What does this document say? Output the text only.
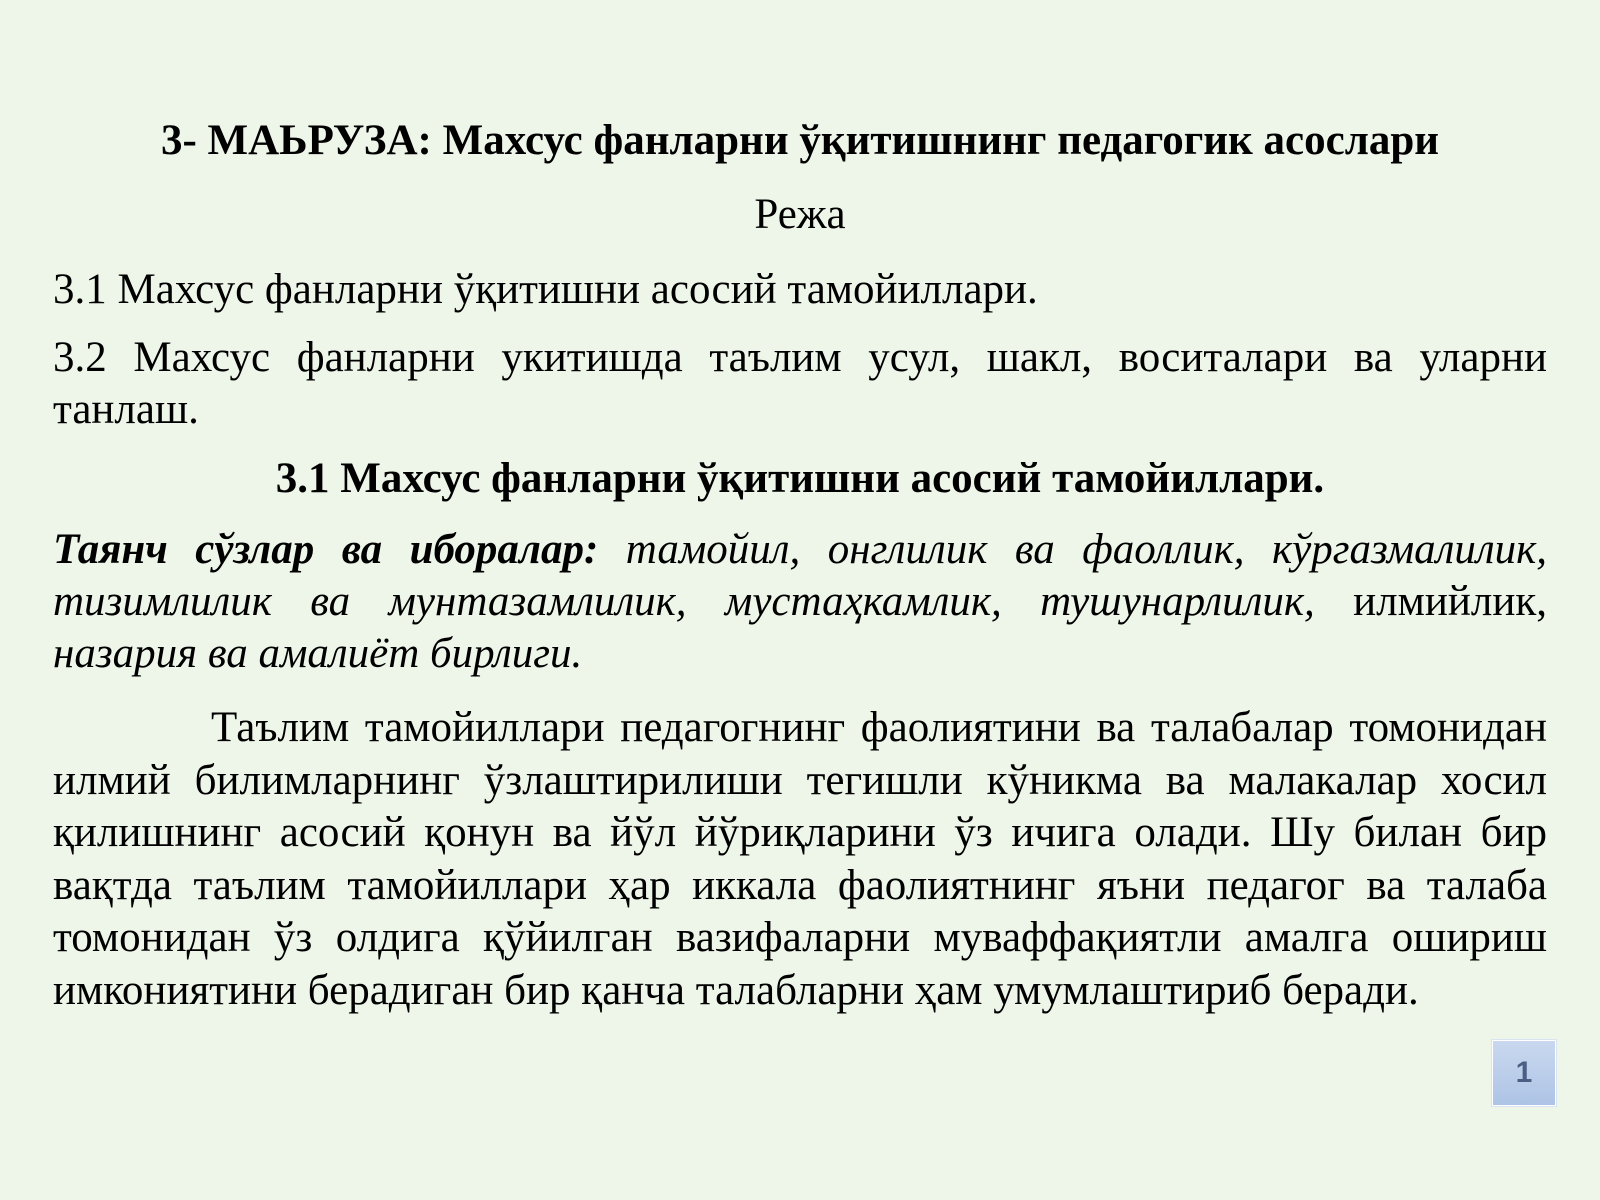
3- МАЬРУЗА: Махсус фанларни ўқитишнинг педагогик асослари

Режа

3.1 Махсус фанларни ўқитишни асосий тамойиллари.

3.2 Махсус фанларни укитишда таълим усул, шакл, воситалари ва уларни танлаш.

3.1 Махсус фанларни ўқитишни асосий тамойиллари.

Таянч сўзлар ва иборалар: тамойил, онглилик ва фаоллик, кўргазмалилик, тизимлилик ва мунтазамлилик, мустаҳкамлик, тушунарлилик, илмийлик, назария ва амалиёт бирлиги.

Таълим тамойиллари педагогнинг фаолиятини ва талабалар томонидан илмий билимларнинг ўзлаштирилиши тегишли кўникма ва малакалар хосил қилишнинг асосий қонун ва йўл йўриқларини ўз ичига олади. Шу билан бир вақтда таълим тамойиллари ҳар иккала фаолиятнинг яъни педагог ва талаба томонидан ўз олдига қўйилган вазифаларни муваффақиятли амалга ошириш имкониятини берадиган бир қанча талабларни ҳам умумлаштириб беради.

1
